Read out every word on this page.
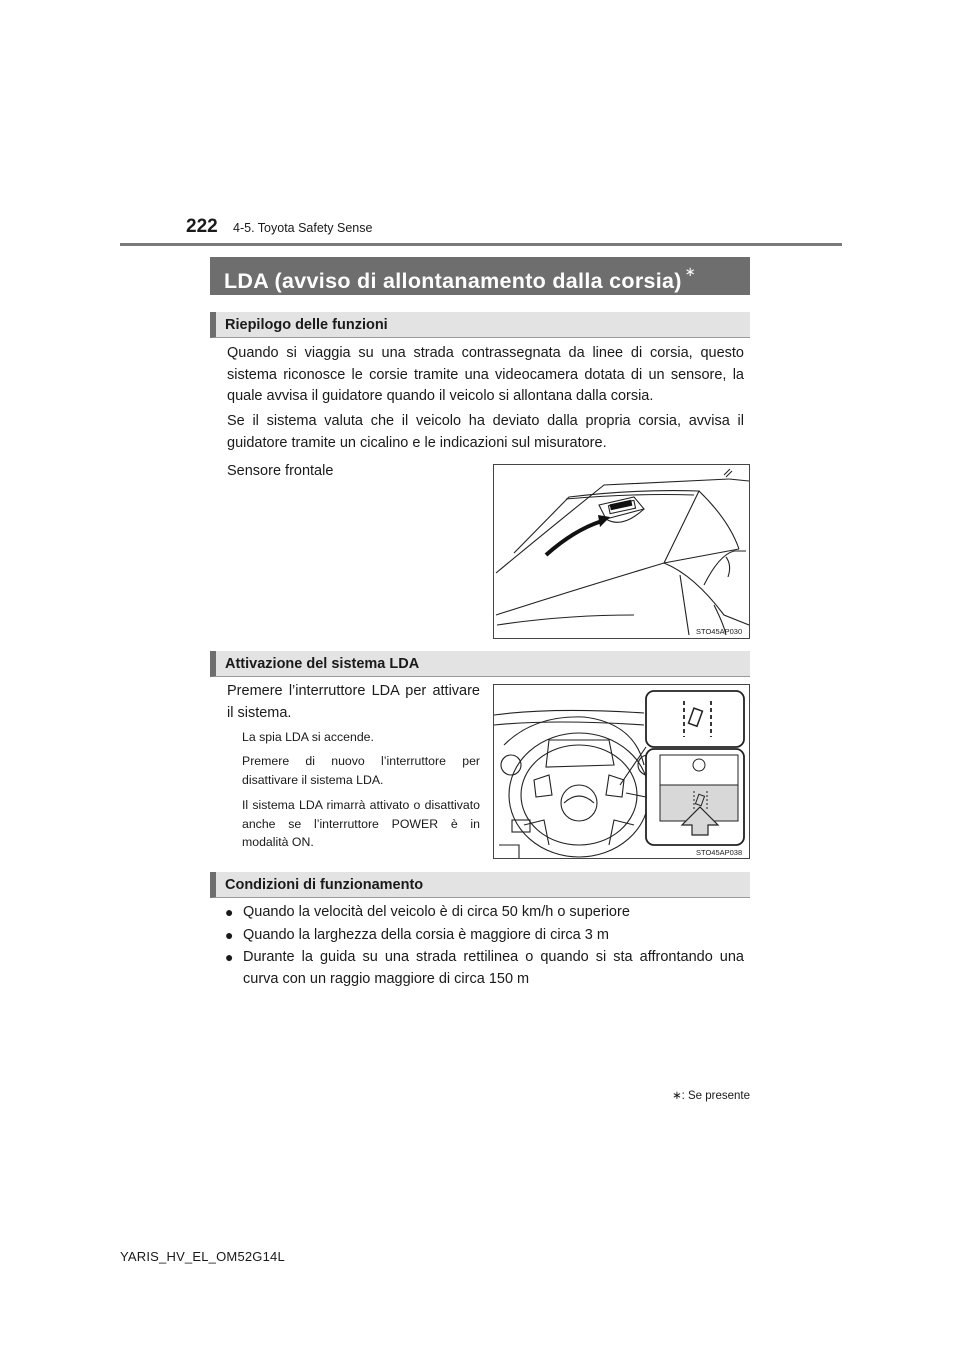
222 4-5. Toyota Safety Sense
LDA (avviso di allontanamento dalla corsia) ∗
Riepilogo delle funzioni
Quando si viaggia su una strada contrassegnata da linee di corsia, questo sistema riconosce le corsie tramite una videocamera dotata di un sensore, la quale avvisa il guidatore quando il veicolo si allontana dalla corsia.
Se il sistema valuta che il veicolo ha deviato dalla propria corsia, avvisa il guidatore tramite un cicalino e le indicazioni sul misuratore.
Sensore frontale
STO45AP030
Attivazione del sistema LDA
Premere l’interruttore LDA per attivare il sistema.
La spia LDA si accende.
Premere di nuovo l’interruttore per disattivare il sistema LDA.
Il sistema LDA rimarrà attivato o disattivato anche se l’interruttore POWER è in modalità ON.
STO45AP038
Condizioni di funzionamento
● Quando la velocità del veicolo è di circa 50 km/h o superiore
● Quando la larghezza della corsia è maggiore di circa 3 m
● Durante la guida su una strada rettilinea o quando si sta affrontando una curva con un raggio maggiore di circa 150 m
∗: Se presente
YARIS_HV_EL_OM52G14L
